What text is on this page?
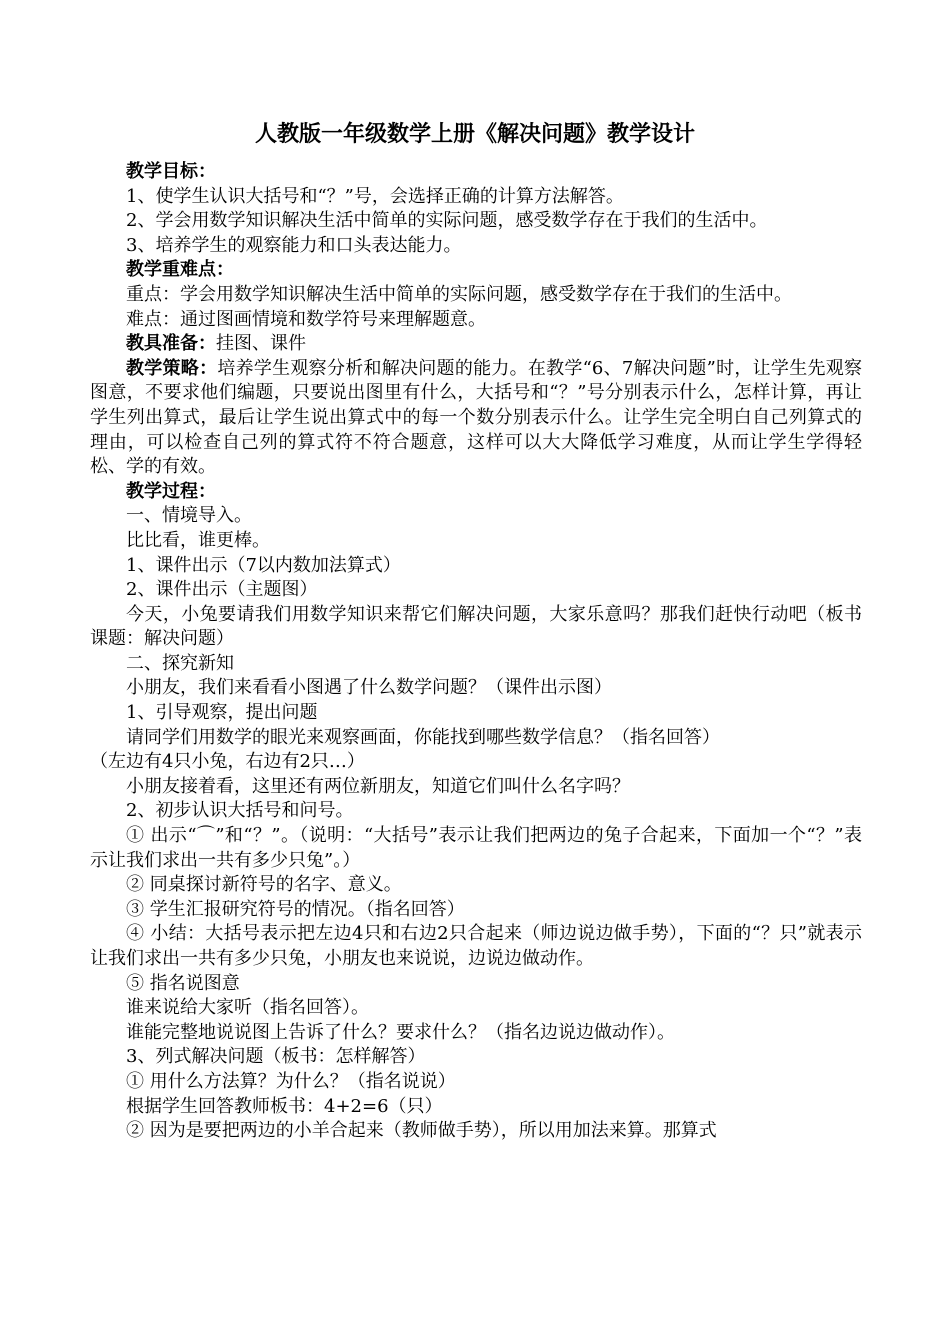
人教版一年级数学上册《解决问题》教学设计

教学目标：

1、使学生认识大括号和“？”号，会选择正确的计算方法解答。

2、学会用数学知识解决生活中简单的实际问题，感受数学存在于我们的生活中。

3、培养学生的观察能力和口头表达能力。

教学重难点：

重点：学会用数学知识解决生活中简单的实际问题，感受数学存在于我们的生活中。

难点：通过图画情境和数学符号来理解题意。

教具准备：挂图、课件

教学策略：培养学生观察分析和解决问题的能力。在教学“6、7解决问题”时，让学生先观察图意，不要求他们编题，只要说出图里有什么，大括号和“？”号分别表示什么，怎样计算，再让学生列出算式，最后让学生说出算式中的每一个数分别表示什么。让学生完全明白自己列算式的理由，可以检查自己列的算式符不符合题意，这样可以大大降低学习难度，从而让学生学得轻松、学的有效。

教学过程：

一、情境导入。

比比看，谁更棒。

1、课件出示（7以内数加法算式）

2、课件出示（主题图）

今天，小兔要请我们用数学知识来帮它们解决问题，大家乐意吗？那我们赶快行动吧（板书课题：解决问题）

二、探究新知

小朋友，我们来看看小图遇了什么数学问题？（课件出示图）

1、引导观察，提出问题

请同学们用数学的眼光来观察画面，你能找到哪些数学信息？（指名回答）

（左边有4只小兔，右边有2只…）

小朋友接着看，这里还有两位新朋友，知道它们叫什么名字吗？

2、初步认识大括号和问号。

① 出示“⌒”和“？”。（说明：“大括号”表示让我们把两边的兔子合起来，下面加一个“？”表示让我们求出一共有多少只兔”。）

② 同桌探讨新符号的名字、意义。

③ 学生汇报研究符号的情况。（指名回答）

④ 小结：大括号表示把左边4只和右边2只合起来（师边说边做手势），下面的“？只”就表示让我们求出一共有多少只兔，小朋友也来说说，边说边做动作。

⑤ 指名说图意

谁来说给大家听（指名回答）。

谁能完整地说说图上告诉了什么？要求什么？（指名边说边做动作）。

3、列式解决问题（板书：怎样解答）

① 用什么方法算？为什么？（指名说说）

根据学生回答教师板书：4+2=6（只）

② 因为是要把两边的小羊合起来（教师做手势），所以用加法来算。那算式
